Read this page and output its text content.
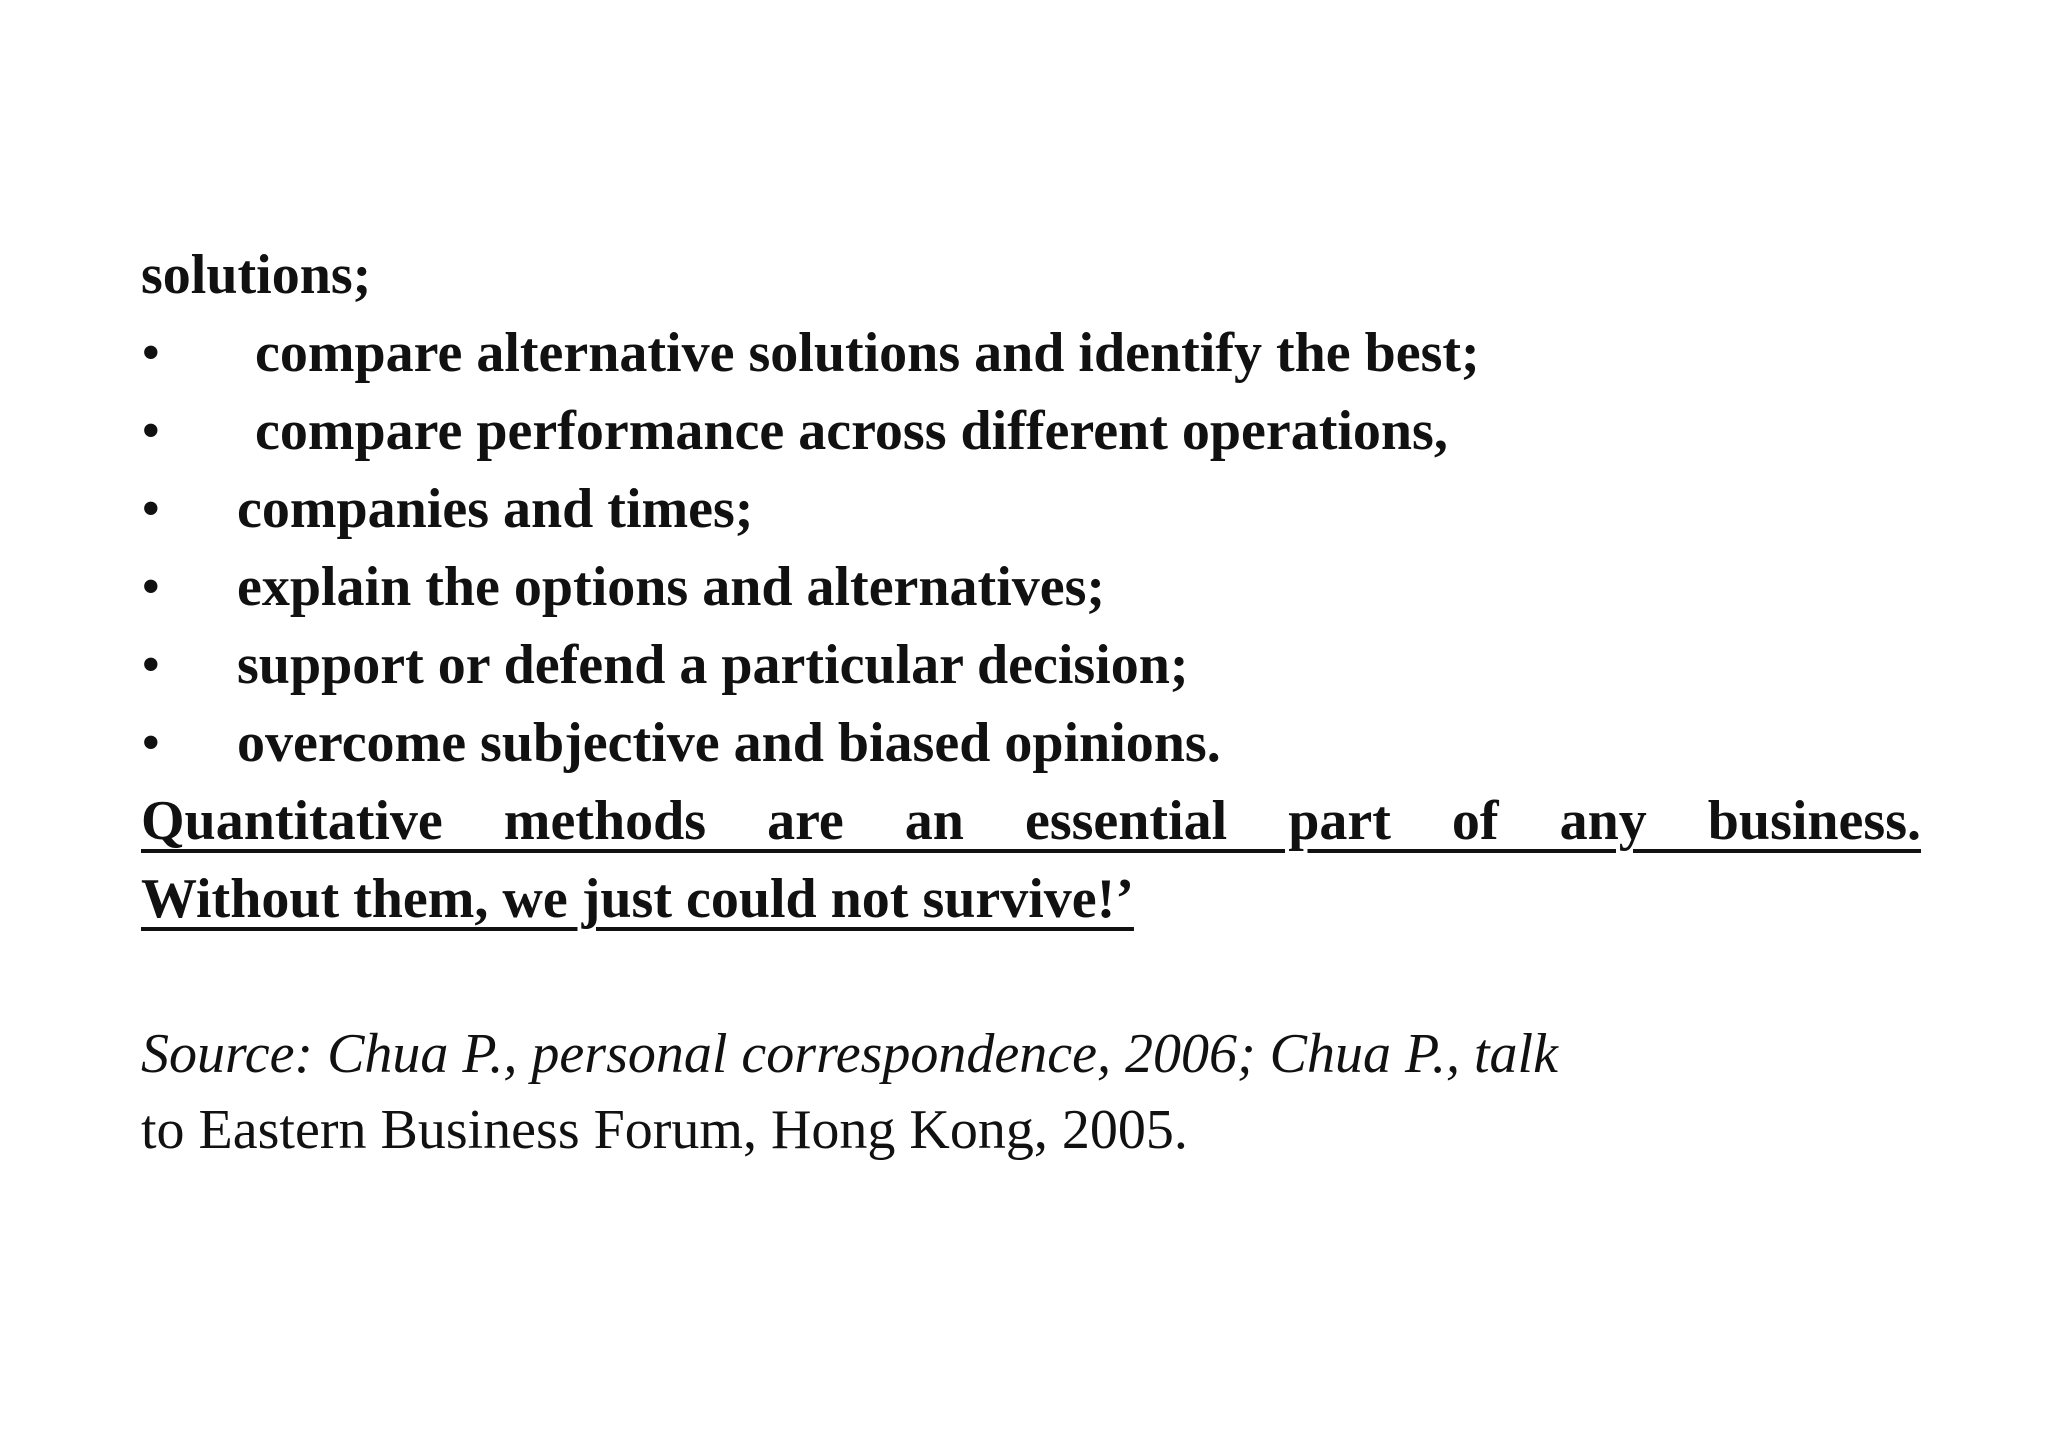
solutions;
•	compare alternative solutions and identify the best;
•	compare performance across different operations,
•	companies and times;
•	explain the options and alternatives;
•	support or defend a particular decision;
•	overcome subjective and biased opinions.
Quantitative methods are an essential part of any business.
Without them, we just could not survive!’
Source: Chua P., personal correspondence, 2006; Chua P., talk
to Eastern Business Forum, Hong Kong, 2005.
